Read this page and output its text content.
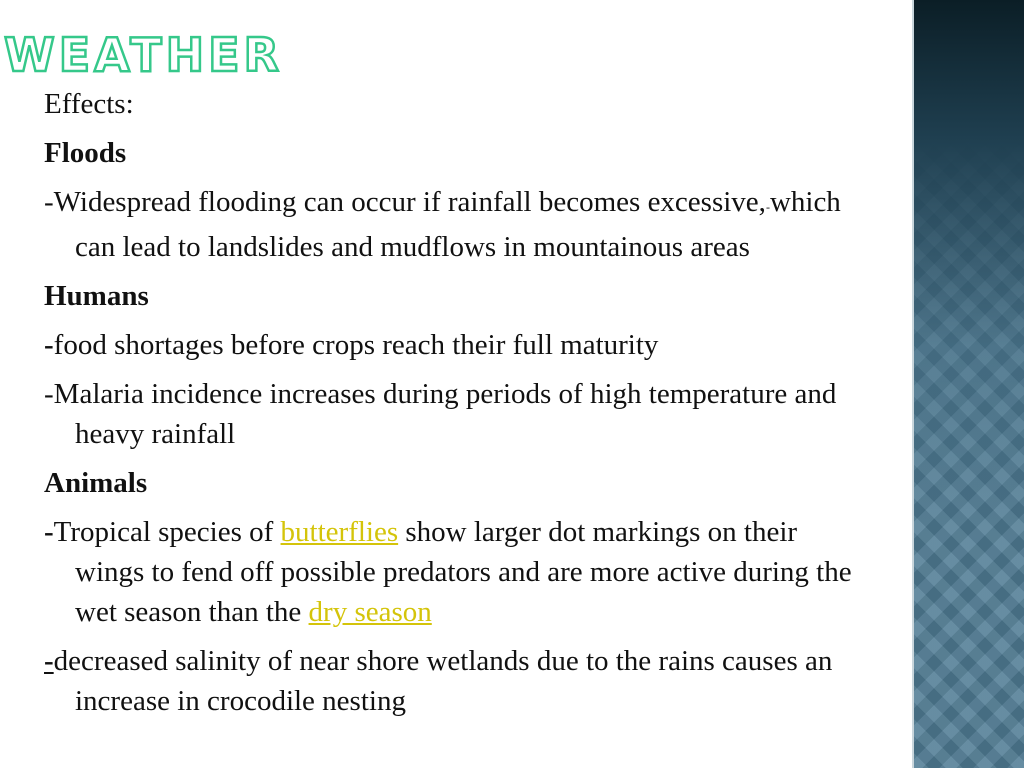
WEATHER
Effects:
Floods
-Widespread flooding can occur if rainfall becomes excessive,-which can lead to landslides and mudflows in mountainous areas
Humans
-food shortages before crops reach their full maturity
-Malaria incidence increases during periods of high temperature and heavy rainfall
Animals
-Tropical species of butterflies show larger dot markings on their wings to fend off possible predators and are more active during the wet season than the dry season
-decreased salinity of near shore wetlands due to the rains causes an increase in crocodile nesting
